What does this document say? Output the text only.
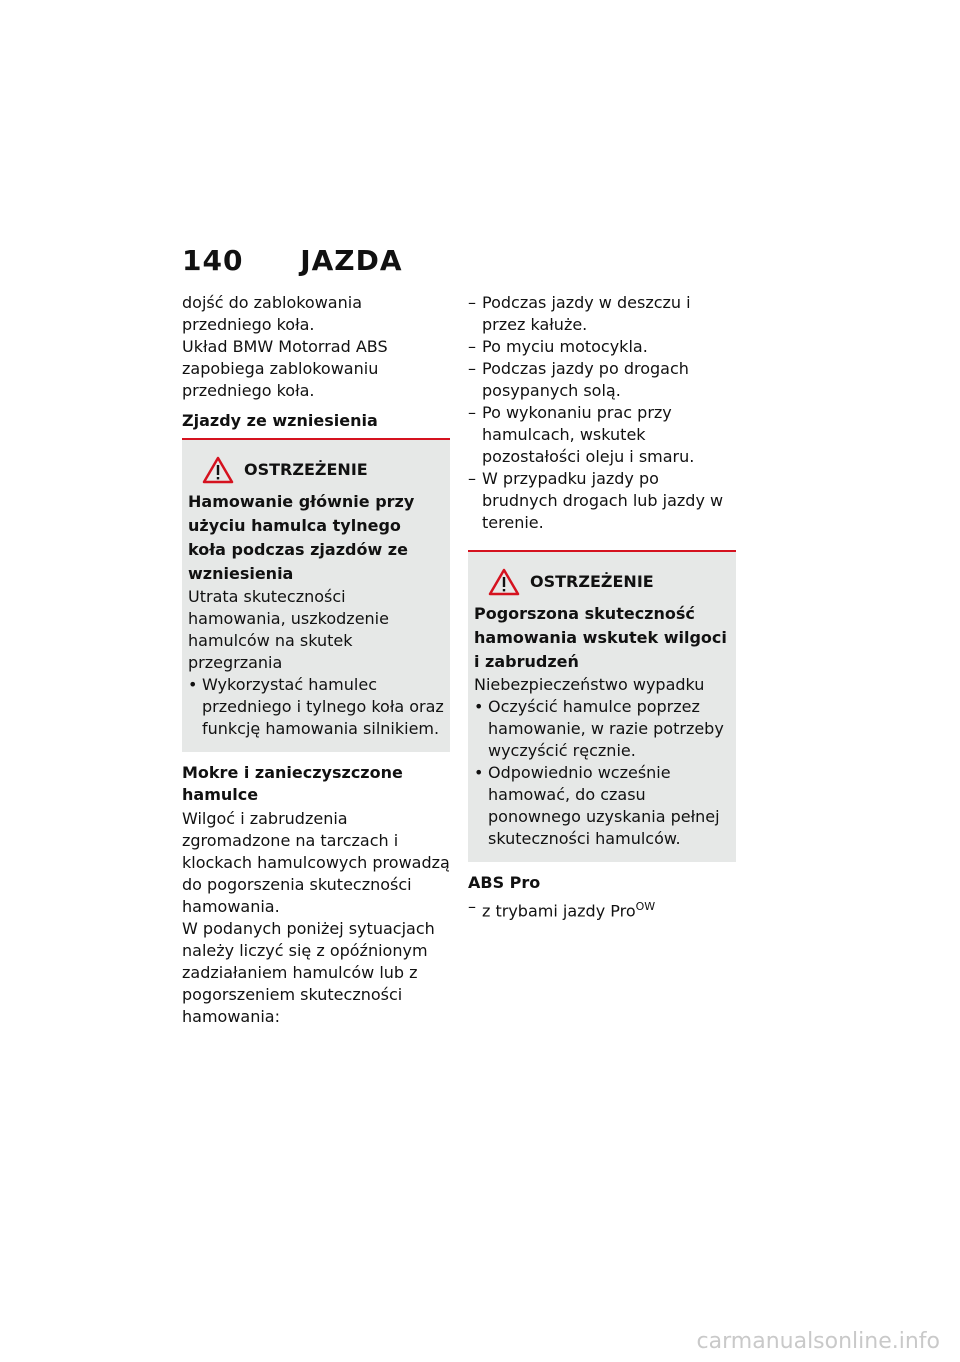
140 JAZDA

dojść do zablokowania przedniego koła.

Układ BMW Motorrad ABS zapobiega zablokowaniu przedniego koła.

Zjazdy ze wzniesienia

OSTRZEŻENIE

Hamowanie głównie przy użyciu hamulca tylnego koła podczas zjazdów ze wzniesienia

Utrata skuteczności hamowania, uszkodzenie hamulców na skutek przegrzania

• Wykorzystać hamulec przedniego i tylnego koła oraz funkcję hamowania silnikiem.

Mokre i zanieczyszczone hamulce

Wilgoć i zabrudzenia zgromadzone na tarczach i klockach hamulcowych prowadzą do pogorszenia skuteczności hamowania.

W podanych poniżej sytuacjach należy liczyć się z opóźnionym zadziałaniem hamulców lub z pogorszeniem skuteczności hamowania:

– Podczas jazdy w deszczu i przez kałuże.
– Po myciu motocykla.
– Podczas jazdy po drogach posypanych solą.
– Po wykonaniu prac przy hamulcach, wskutek pozostałości oleju i smaru.
– W przypadku jazdy po brudnych drogach lub jazdy w terenie.
OSTRZEŻENIE

Pogorszona skuteczność hamowania wskutek wilgoci i zabrudzeń

Niebezpieczeństwo wypadku

• Oczyścić hamulce poprzez hamowanie, w razie potrzeby wyczyścić ręcznie.
• Odpowiednio wcześnie hamować, do czasu ponownego uzyskania pełnej skuteczności hamulców.

ABS Pro

– z trybami jazdy Pro$^{OW}$
carmanualsonline.info
